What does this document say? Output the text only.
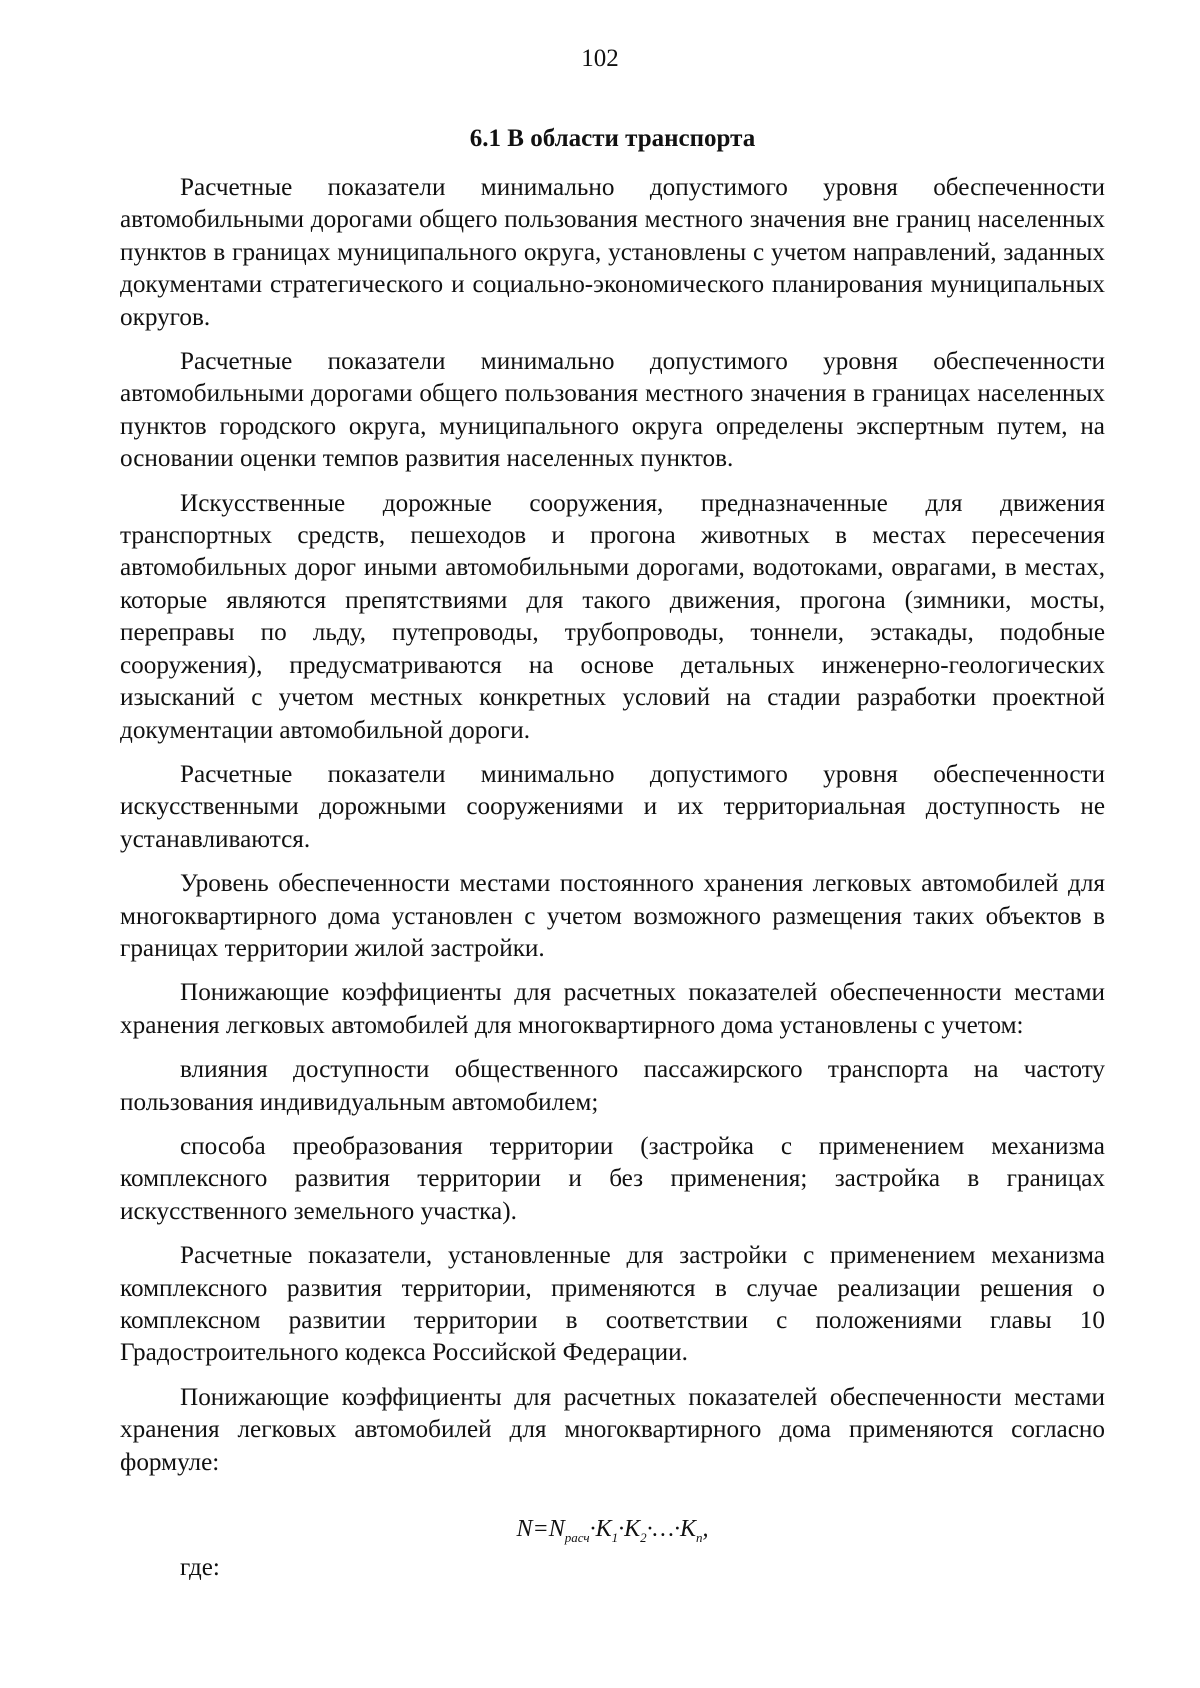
102
6.1 В области транспорта

Расчетные показатели минимально допустимого уровня обеспеченности автомобильными дорогами общего пользования местного значения вне границ населенных пунктов в границах муниципального округа, установлены с учетом направлений, заданных документами стратегического и социально-экономического планирования муниципальных округов.

Расчетные показатели минимально допустимого уровня обеспеченности автомобильными дорогами общего пользования местного значения в границах населенных пунктов городского округа, муниципального округа определены экспертным путем, на основании оценки темпов развития населенных пунктов.

Искусственные дорожные сооружения, предназначенные для движения транспортных средств, пешеходов и прогона животных в местах пересечения автомобильных дорог иными автомобильными дорогами, водотоками, оврагами, в местах, которые являются препятствиями для такого движения, прогона (зимники, мосты, переправы по льду, путепроводы, трубопроводы, тоннели, эстакады, подобные сооружения), предусматриваются на основе детальных инженерно-геологических изысканий с учетом местных конкретных условий на стадии разработки проектной документации автомобильной дороги.

Расчетные показатели минимально допустимого уровня обеспеченности искусственными дорожными сооружениями и их территориальная доступность не устанавливаются.

Уровень обеспеченности местами постоянного хранения легковых автомобилей для многоквартирного дома установлен с учетом возможного размещения таких объектов в границах территории жилой застройки.

Понижающие коэффициенты для расчетных показателей обеспеченности местами хранения легковых автомобилей для многоквартирного дома установлены с учетом:

влияния доступности общественного пассажирского транспорта на частоту пользования индивидуальным автомобилем;

способа преобразования территории (застройка с применением механизма комплексного развития территории и без применения; застройка в границах искусственного земельного участка).

Расчетные показатели, установленные для застройки с применением механизма комплексного развития территории, применяются в случае реализации решения о комплексном развитии территории в соответствии с положениями главы 10 Градостроительного кодекса Российской Федерации.

Понижающие коэффициенты для расчетных показателей обеспеченности местами хранения легковых автомобилей для многоквартирного дома применяются согласно формуле:

$N=N_{расч}\cdot K_1\cdot K_2\cdot\dots\cdot K_n$,
где:
